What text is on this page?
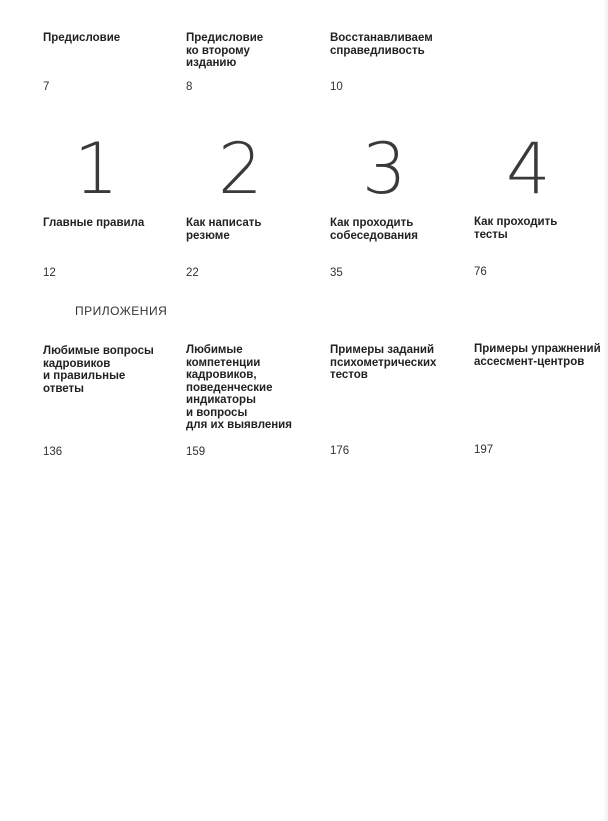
Предисловие
7
Предисловие
ко второму
изданию
8
Восстанавливаем
справедливость
10
1 2 3 4
Главные правила
12
Как написать
резюме
22
Как проходить
собеседования
35
Как проходить
тесты
76
ПРИЛОЖЕНИЯ
Любимые вопросы
кадровиков
и правильные
ответы
136
Любимые
компетенции
кадровиков,
поведенческие
индикаторы
и вопросы
для их выявления
159
Примеры заданий
психометрических
тестов
176
Примеры упражнений
ассесмент-центров
197
